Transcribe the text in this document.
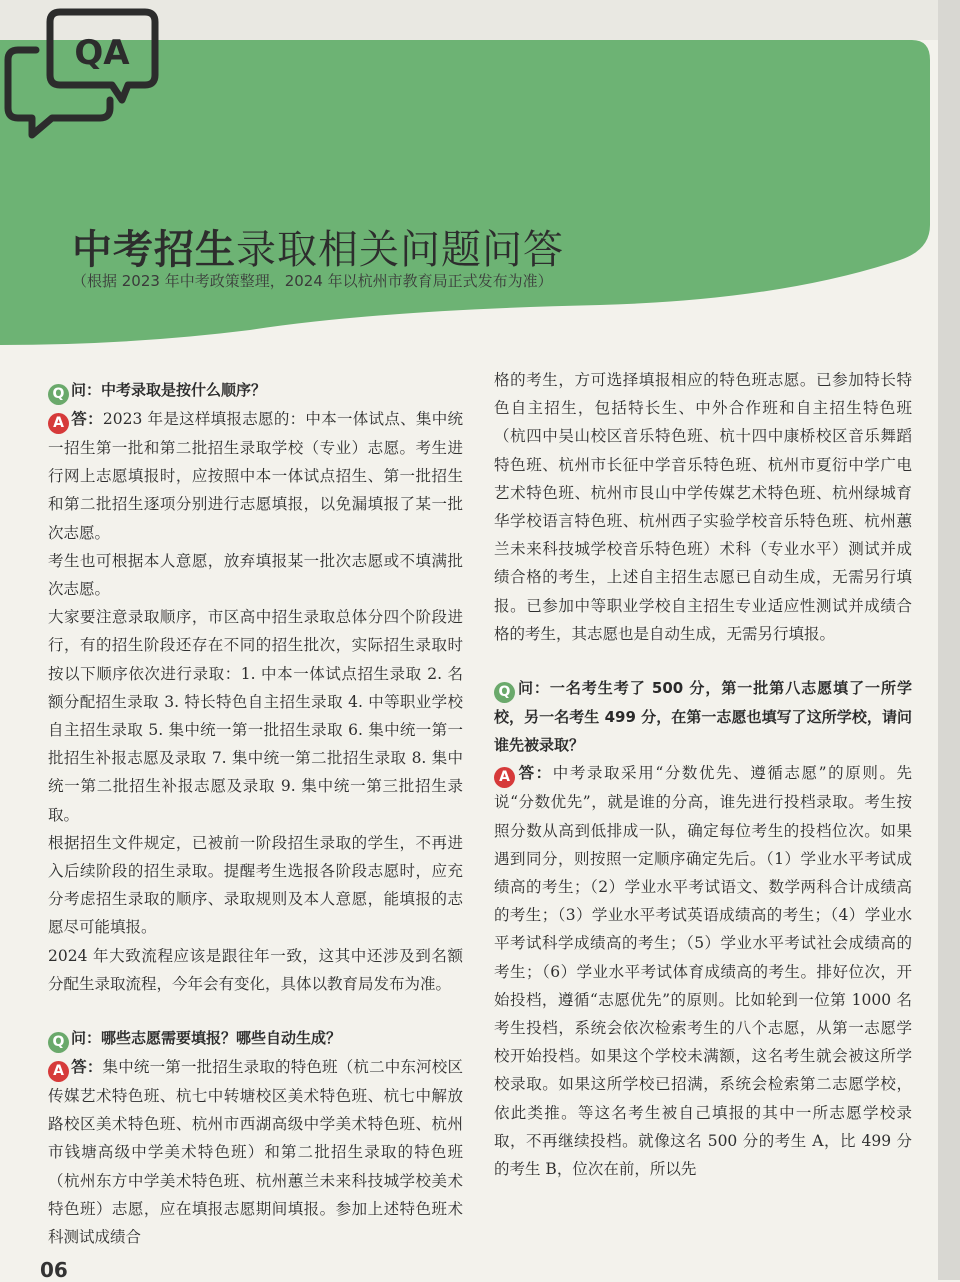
QA
中考招生录取相关问题问答

（根据 2023 年中考政策整理，2024 年以杭州市教育局正式发布为准）

Q 问：中考录取是按什么顺序？

A 答：2023 年是这样填报志愿的：中本一体试点、集中统一招生第一批和第二批招生录取学校（专业）志愿。考生进行网上志愿填报时，应按照中本一体试点招生、第一批招生和第二批招生逐项分别进行志愿填报，以免漏填报了某一批次志愿。

考生也可根据本人意愿，放弃填报某一批次志愿或不填满批次志愿。

大家要注意录取顺序，市区高中招生录取总体分四个阶段进行，有的招生阶段还存在不同的招生批次，实际招生录取时按以下顺序依次进行录取：1. 中本一体试点招生录取 2. 名额分配招生录取 3. 特长特色自主招生录取 4. 中等职业学校自主招生录取 5. 集中统一第一批招生录取 6. 集中统一第一批招生补报志愿及录取 7. 集中统一第二批招生录取 8. 集中统一第二批招生补报志愿及录取 9. 集中统一第三批招生录取。

根据招生文件规定，已被前一阶段招生录取的学生，不再进入后续阶段的招生录取。提醒考生选报各阶段志愿时，应充分考虑招生录取的顺序、录取规则及本人意愿，能填报的志愿尽可能填报。

2024 年大致流程应该是跟往年一致，这其中还涉及到名额分配生录取流程，今年会有变化，具体以教育局发布为准。

Q 问：哪些志愿需要填报？哪些自动生成？

A 答：集中统一第一批招生录取的特色班（杭二中东河校区传媒艺术特色班、杭七中转塘校区美术特色班、杭七中解放路校区美术特色班、杭州市西湖高级中学美术特色班、杭州市钱塘高级中学美术特色班）和第二批招生录取的特色班（杭州东方中学美术特色班、杭州蕙兰未来科技城学校美术特色班）志愿，应在填报志愿期间填报。参加上述特色班术科测试成绩合

格的考生，方可选择填报相应的特色班志愿。已参加特长特色自主招生，包括特长生、中外合作班和自主招生特色班（杭四中吴山校区音乐特色班、杭十四中康桥校区音乐舞蹈特色班、杭州市长征中学音乐特色班、杭州市夏衍中学广电艺术特色班、杭州市艮山中学传媒艺术特色班、杭州绿城育华学校语言特色班、杭州西子实验学校音乐特色班、杭州蕙兰未来科技城学校音乐特色班）术科（专业水平）测试并成绩合格的考生，上述自主招生志愿已自动生成，无需另行填报。已参加中等职业学校自主招生专业适应性测试并成绩合格的考生，其志愿也是自动生成，无需另行填报。

Q 问：一名考生考了 500 分，第一批第八志愿填了一所学校，另一名考生 499 分，在第一志愿也填写了这所学校，请问谁先被录取？

A 答：中考录取采用“分数优先、遵循志愿”的原则。先说“分数优先”，就是谁的分高，谁先进行投档录取。考生按照分数从高到低排成一队，确定每位考生的投档位次。如果遇到同分，则按照一定顺序确定先后。（1）学业水平考试成绩高的考生；（2）学业水平考试语文、数学两科合计成绩高的考生；（3）学业水平考试英语成绩高的考生；（4）学业水平考试科学成绩高的考生；（5）学业水平考试社会成绩高的考生；（6）学业水平考试体育成绩高的考生。排好位次，开始投档，遵循“志愿优先”的原则。比如轮到一位第 1000 名考生投档，系统会依次检索考生的八个志愿，从第一志愿学校开始投档。如果这个学校未满额，这名考生就会被这所学校录取。如果这所学校已招满，系统会检索第二志愿学校，依此类推。等这名考生被自己填报的其中一所志愿学校录取，不再继续投档。就像这名 500 分的考生 A，比 499 分的考生 B，位次在前，所以先

06
